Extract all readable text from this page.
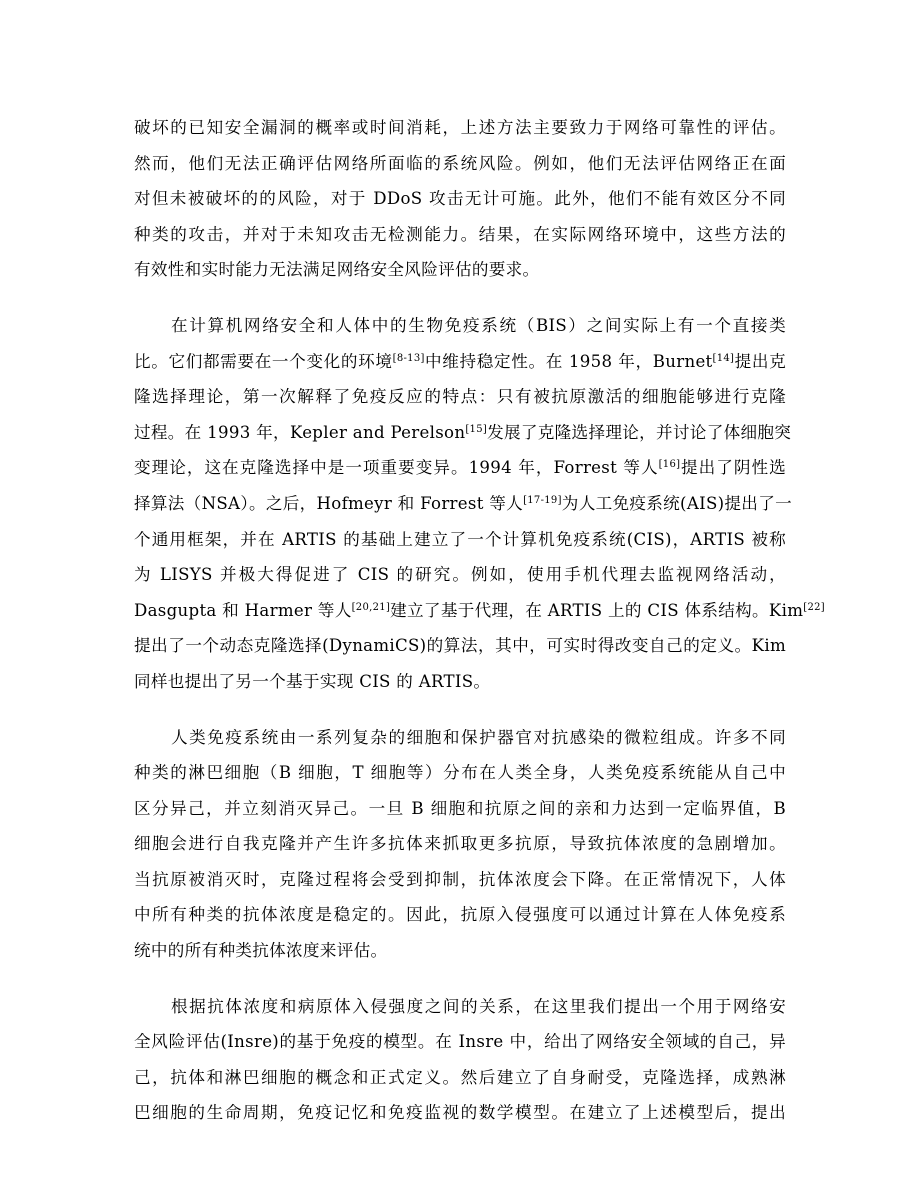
破坏的已知安全漏洞的概率或时间消耗，上述方法主要致力于网络可靠性的评估。
然而，他们无法正确评估网络所面临的系统风险。例如，他们无法评估网络正在面
对但未被破坏的的风险，对于 DDoS 攻击无计可施。此外，他们不能有效区分不同
种类的攻击，并对于未知攻击无检测能力。结果，在实际网络环境中，这些方法的
有效性和实时能力无法满足网络安全风险评估的要求。
在计算机网络安全和人体中的生物免疫系统（BIS）之间实际上有一个直接类
比。它们都需要在一个变化的环境[8-13]中维持稳定性。在 1958 年，Burnet[14]提出克
隆选择理论，第一次解释了免疫反应的特点：只有被抗原激活的细胞能够进行克隆
过程。在 1993 年，Kepler and Perelson[15]发展了克隆选择理论，并讨论了体细胞突
变理论，这在克隆选择中是一项重要变异。1994 年，Forrest 等人[16]提出了阴性选
择算法（NSA）。之后，Hofmeyr 和 Forrest 等人[17-19]为人工免疫系统(AIS)提出了一
个通用框架，并在 ARTIS 的基础上建立了一个计算机免疫系统(CIS)，ARTIS 被称
为 LISYS 并极大得促进了 CIS 的研究。例如，使用手机代理去监视网络活动，
Dasgupta 和 Harmer 等人[20,21]建立了基于代理，在 ARTIS 上的 CIS 体系结构。Kim[22]
提出了一个动态克隆选择(DynamiCS)的算法，其中，可实时得改变自己的定义。Kim
同样也提出了另一个基于实现 CIS 的 ARTIS。
人类免疫系统由一系列复杂的细胞和保护器官对抗感染的微粒组成。许多不同
种类的淋巴细胞（B 细胞，T 细胞等）分布在人类全身，人类免疫系统能从自己中
区分异己，并立刻消灭异己。一旦 B 细胞和抗原之间的亲和力达到一定临界值，B
细胞会进行自我克隆并产生许多抗体来抓取更多抗原，导致抗体浓度的急剧增加。
当抗原被消灭时，克隆过程将会受到抑制，抗体浓度会下降。在正常情况下，人体
中所有种类的抗体浓度是稳定的。因此，抗原入侵强度可以通过计算在人体免疫系
统中的所有种类抗体浓度来评估。
根据抗体浓度和病原体入侵强度之间的关系，在这里我们提出一个用于网络安
全风险评估(Insre)的基于免疫的模型。在 Insre 中，给出了网络安全领域的自己，异
己，抗体和淋巴细胞的概念和正式定义。然后建立了自身耐受，克隆选择，成熟淋
巴细胞的生命周期，免疫记忆和免疫监视的数学模型。在建立了上述模型后，提出
